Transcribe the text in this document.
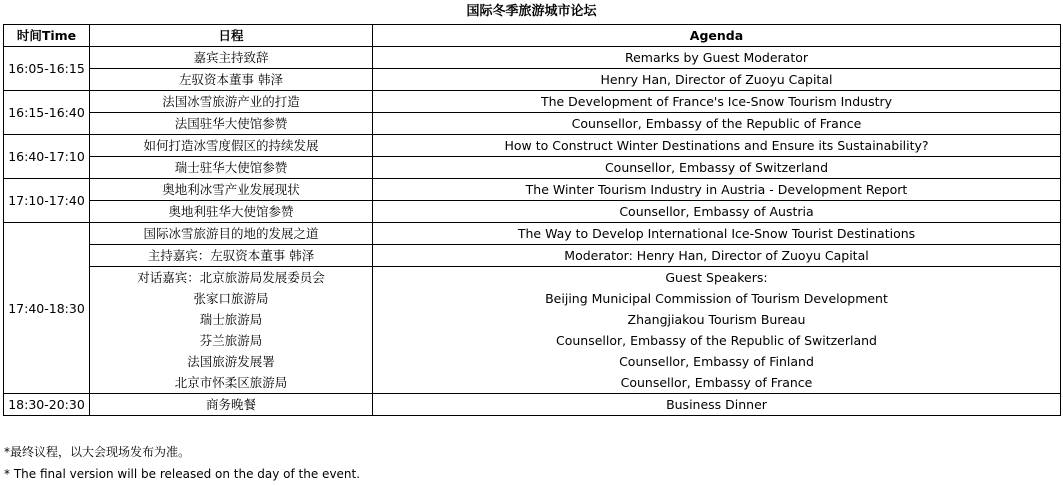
国际冬季旅游城市论坛
时间Time	日程	Agenda
16:05-16:15	嘉宾主持致辞	Remarks by Guest Moderator
	左驭资本董事 韩泽	Henry Han, Director of Zuoyu Capital
16:15-16:40	法国冰雪旅游产业的打造	The Development of France's Ice-Snow Tourism Industry
	法国驻华大使馆参赞	Counsellor, Embassy of the Republic of France
16:40-17:10	如何打造冰雪度假区的持续发展	How to Construct Winter Destinations and Ensure its Sustainability?
	瑞士驻华大使馆参赞	Counsellor, Embassy of Switzerland
17:10-17:40	奥地利冰雪产业发展现状	The Winter Tourism Industry in Austria - Development Report
	奥地利驻华大使馆参赞	Counsellor, Embassy of Austria
17:40-18:30	国际冰雪旅游目的地的发展之道	The Way to Develop International Ice-Snow Tourist Destinations
	主持嘉宾：左驭资本董事 韩泽	Moderator: Henry Han, Director of Zuoyu Capital
	对话嘉宾：北京旅游局发展委员会	Guest Speakers:
	张家口旅游局	Beijing Municipal Commission of Tourism Development
	瑞士旅游局	Zhangjiakou Tourism Bureau
	芬兰旅游局	Counsellor, Embassy of the Republic of Switzerland
	法国旅游发展署	Counsellor, Embassy of Finland
	北京市怀柔区旅游局	Counsellor, Embassy of France
18:30-20:30	商务晚餐	Business Dinner
*最终议程，以大会现场发布为准。
* The final version will be released on the day of the event.
